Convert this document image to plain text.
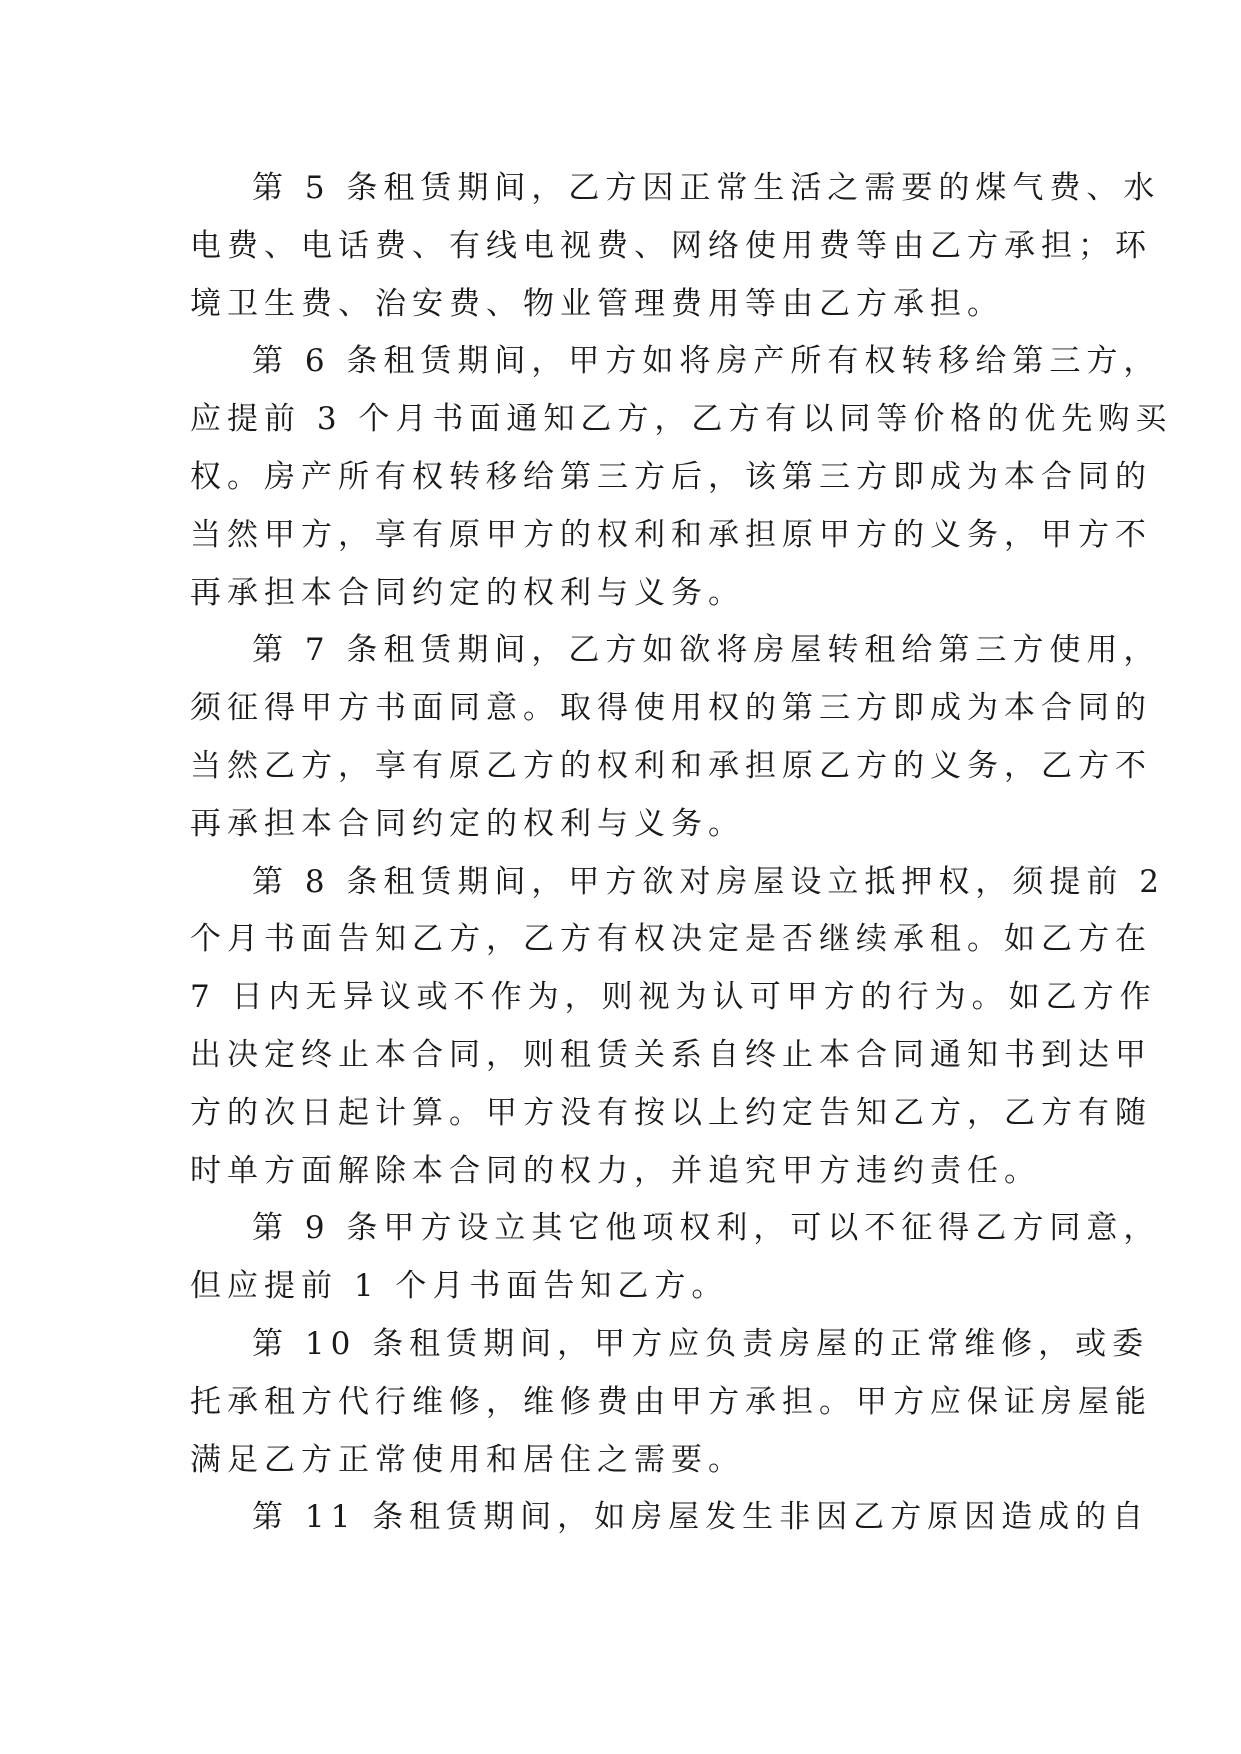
第 5 条租赁期间，乙方因正常生活之需要的煤气费、水
电费、电话费、有线电视费、网络使用费等由乙方承担；环
境卫生费、治安费、物业管理费用等由乙方承担。
第 6 条租赁期间，甲方如将房产所有权转移给第三方，
应提前 3 个月书面通知乙方，乙方有以同等价格的优先购买
权。房产所有权转移给第三方后，该第三方即成为本合同的
当然甲方，享有原甲方的权利和承担原甲方的义务，甲方不
再承担本合同约定的权利与义务。
第 7 条租赁期间，乙方如欲将房屋转租给第三方使用，
须征得甲方书面同意。取得使用权的第三方即成为本合同的
当然乙方，享有原乙方的权利和承担原乙方的义务，乙方不
再承担本合同约定的权利与义务。
第 8 条租赁期间，甲方欲对房屋设立抵押权，须提前 2
个月书面告知乙方，乙方有权决定是否继续承租。如乙方在
7 日内无异议或不作为，则视为认可甲方的行为。如乙方作
出决定终止本合同，则租赁关系自终止本合同通知书到达甲
方的次日起计算。甲方没有按以上约定告知乙方，乙方有随
时单方面解除本合同的权力，并追究甲方违约责任。
第 9 条甲方设立其它他项权利，可以不征得乙方同意，
但应提前 1 个月书面告知乙方。
第 10 条租赁期间，甲方应负责房屋的正常维修，或委
托承租方代行维修，维修费由甲方承担。甲方应保证房屋能
满足乙方正常使用和居住之需要。
第 11 条租赁期间，如房屋发生非因乙方原因造成的自
